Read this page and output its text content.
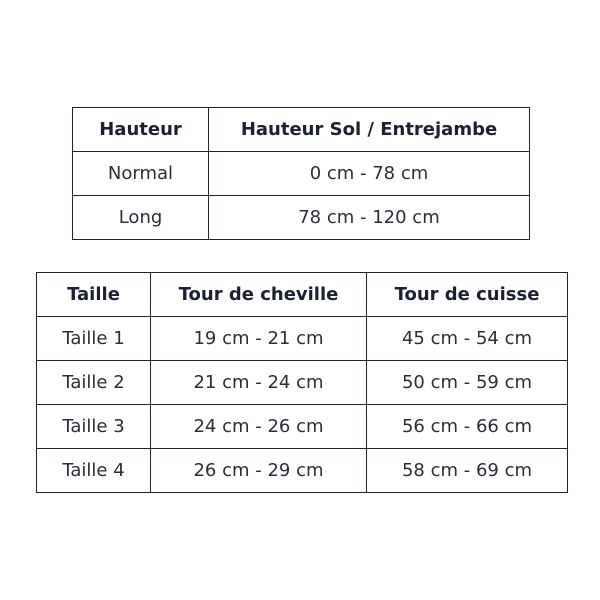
Hauteur	Hauteur Sol / Entrejambe
Normal	0 cm - 78 cm
Long	78 cm - 120 cm
Taille	Tour de cheville	Tour de cuisse
Taille 1	19 cm - 21 cm	45 cm - 54 cm
Taille 2	21 cm - 24 cm	50 cm - 59 cm
Taille 3	24 cm - 26 cm	56 cm - 66 cm
Taille 4	26 cm - 29 cm	58 cm - 69 cm
